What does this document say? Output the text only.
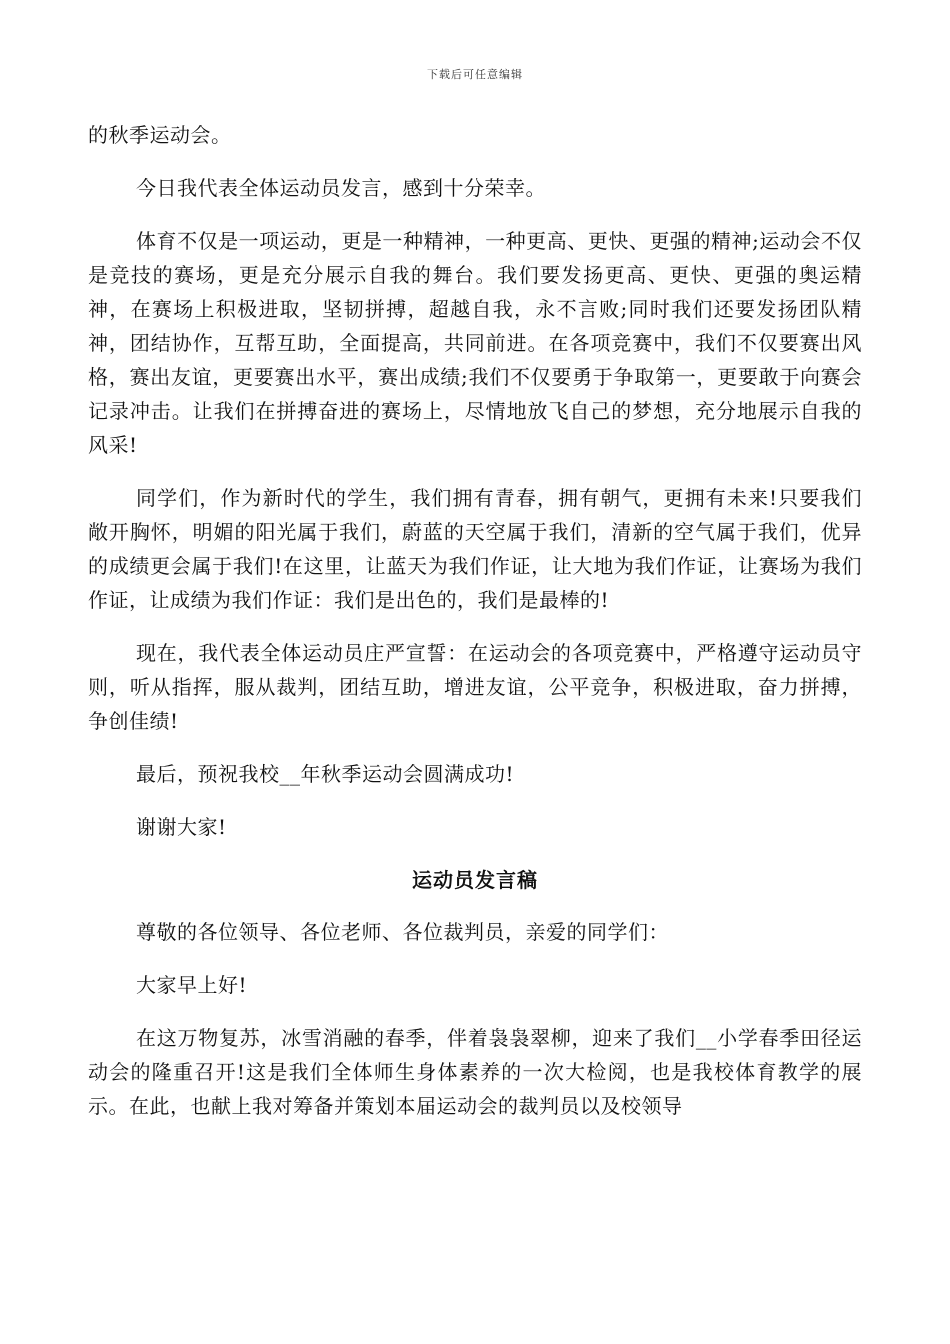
下载后可任意编辑

的秋季运动会。

今日我代表全体运动员发言，感到十分荣幸。

体育不仅是一项运动，更是一种精神，一种更高、更快、更强的精神;运动会不仅是竞技的赛场，更是充分展示自我的舞台。我们要发扬更高、更快、更强的奥运精神，在赛场上积极进取，坚韧拼搏，超越自我，永不言败;同时我们还要发扬团队精神，团结协作，互帮互助，全面提高，共同前进。在各项竞赛中，我们不仅要赛出风格，赛出友谊，更要赛出水平，赛出成绩;我们不仅要勇于争取第一，更要敢于向赛会记录冲击。让我们在拼搏奋进的赛场上，尽情地放飞自己的梦想，充分地展示自我的风采!

同学们，作为新时代的学生，我们拥有青春，拥有朝气，更拥有未来!只要我们敞开胸怀，明媚的阳光属于我们，蔚蓝的天空属于我们，清新的空气属于我们，优异的成绩更会属于我们!在这里，让蓝天为我们作证，让大地为我们作证，让赛场为我们作证，让成绩为我们作证：我们是出色的，我们是最棒的!

现在，我代表全体运动员庄严宣誓：在运动会的各项竞赛中，严格遵守运动员守则，听从指挥，服从裁判，团结互助，增进友谊，公平竞争，积极进取，奋力拼搏，争创佳绩!

最后，预祝我校__年秋季运动会圆满成功!

谢谢大家!

运动员发言稿

尊敬的各位领导、各位老师、各位裁判员，亲爱的同学们：

大家早上好!

在这万物复苏，冰雪消融的春季，伴着袅袅翠柳，迎来了我们__小学春季田径运动会的隆重召开!这是我们全体师生身体素养的一次大检阅，也是我校体育教学的展示。在此，也献上我对筹备并策划本届运动会的裁判员以及校领导
